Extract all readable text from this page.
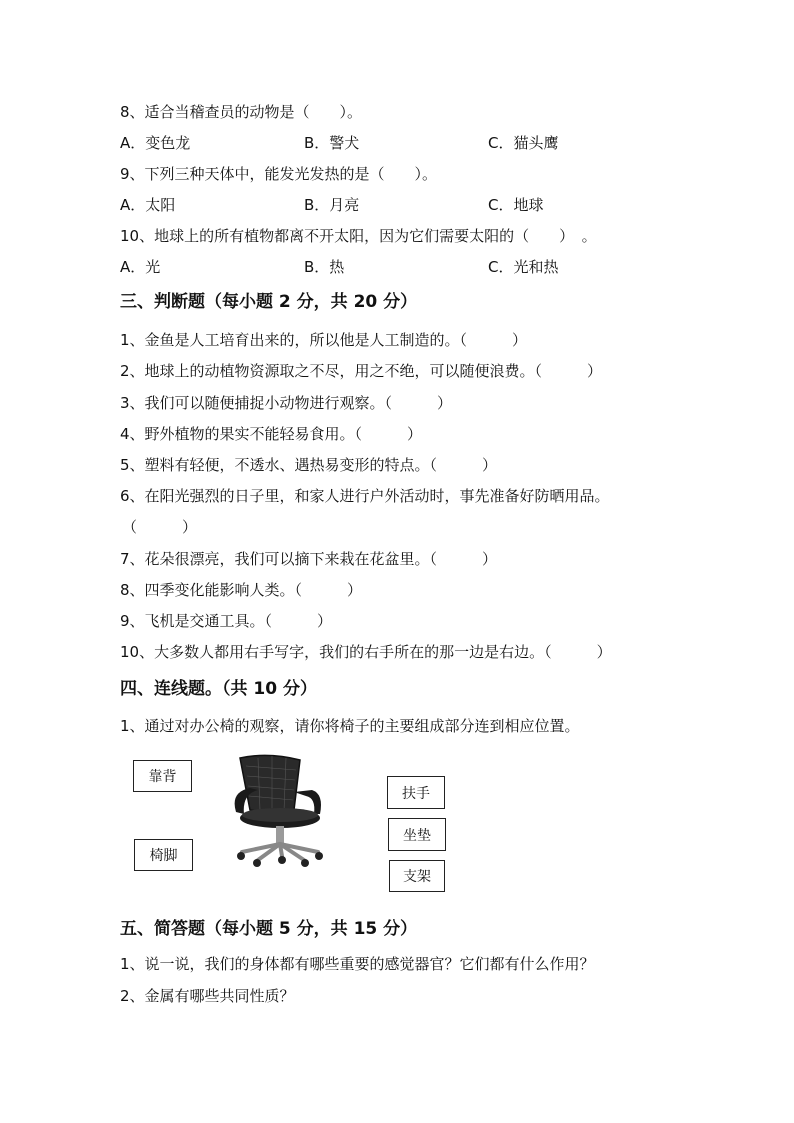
8、适合当稽查员的动物是（　　）。
A．变色龙	B．警犬	C．猫头鹰
9、下列三种天体中，能发光发热的是（　　）。
A．太阳	B．月亮	C．地球
10、地球上的所有植物都离不开太阳，因为它们需要太阳的（　　）　。
A．光	B．热	C．光和热
三、判断题（每小题 2 分，共 20 分）
1、金鱼是人工培育出来的，所以他是人工制造的。（　　　）
2、地球上的动植物资源取之不尽，用之不绝，可以随便浪费。（　　　）
3、我们可以随便捕捉小动物进行观察。（　　　）
4、野外植物的果实不能轻易食用。（　　　）
5、塑料有轻便，不透水、遇热易变形的特点。（　　　）
6、在阳光强烈的日子里，和家人进行户外活动时，事先准备好防晒用品。
（　　　）
7、花朵很漂亮，我们可以摘下来栽在花盆里。（　　　）
8、四季变化能影响人类。（　　　）
9、飞机是交通工具。（　　　）
10、大多数人都用右手写字，我们的右手所在的那一边是右边。（　　　）
四、连线题。（共 10 分）
1、通过对办公椅的观察，请你将椅子的主要组成部分连到相应位置。
靠背
椅脚
扶手
坐垫
支架
五、简答题（每小题 5 分，共 15 分）
1、说一说，我们的身体都有哪些重要的感觉器官？它们都有什么作用？
2、金属有哪些共同性质？
